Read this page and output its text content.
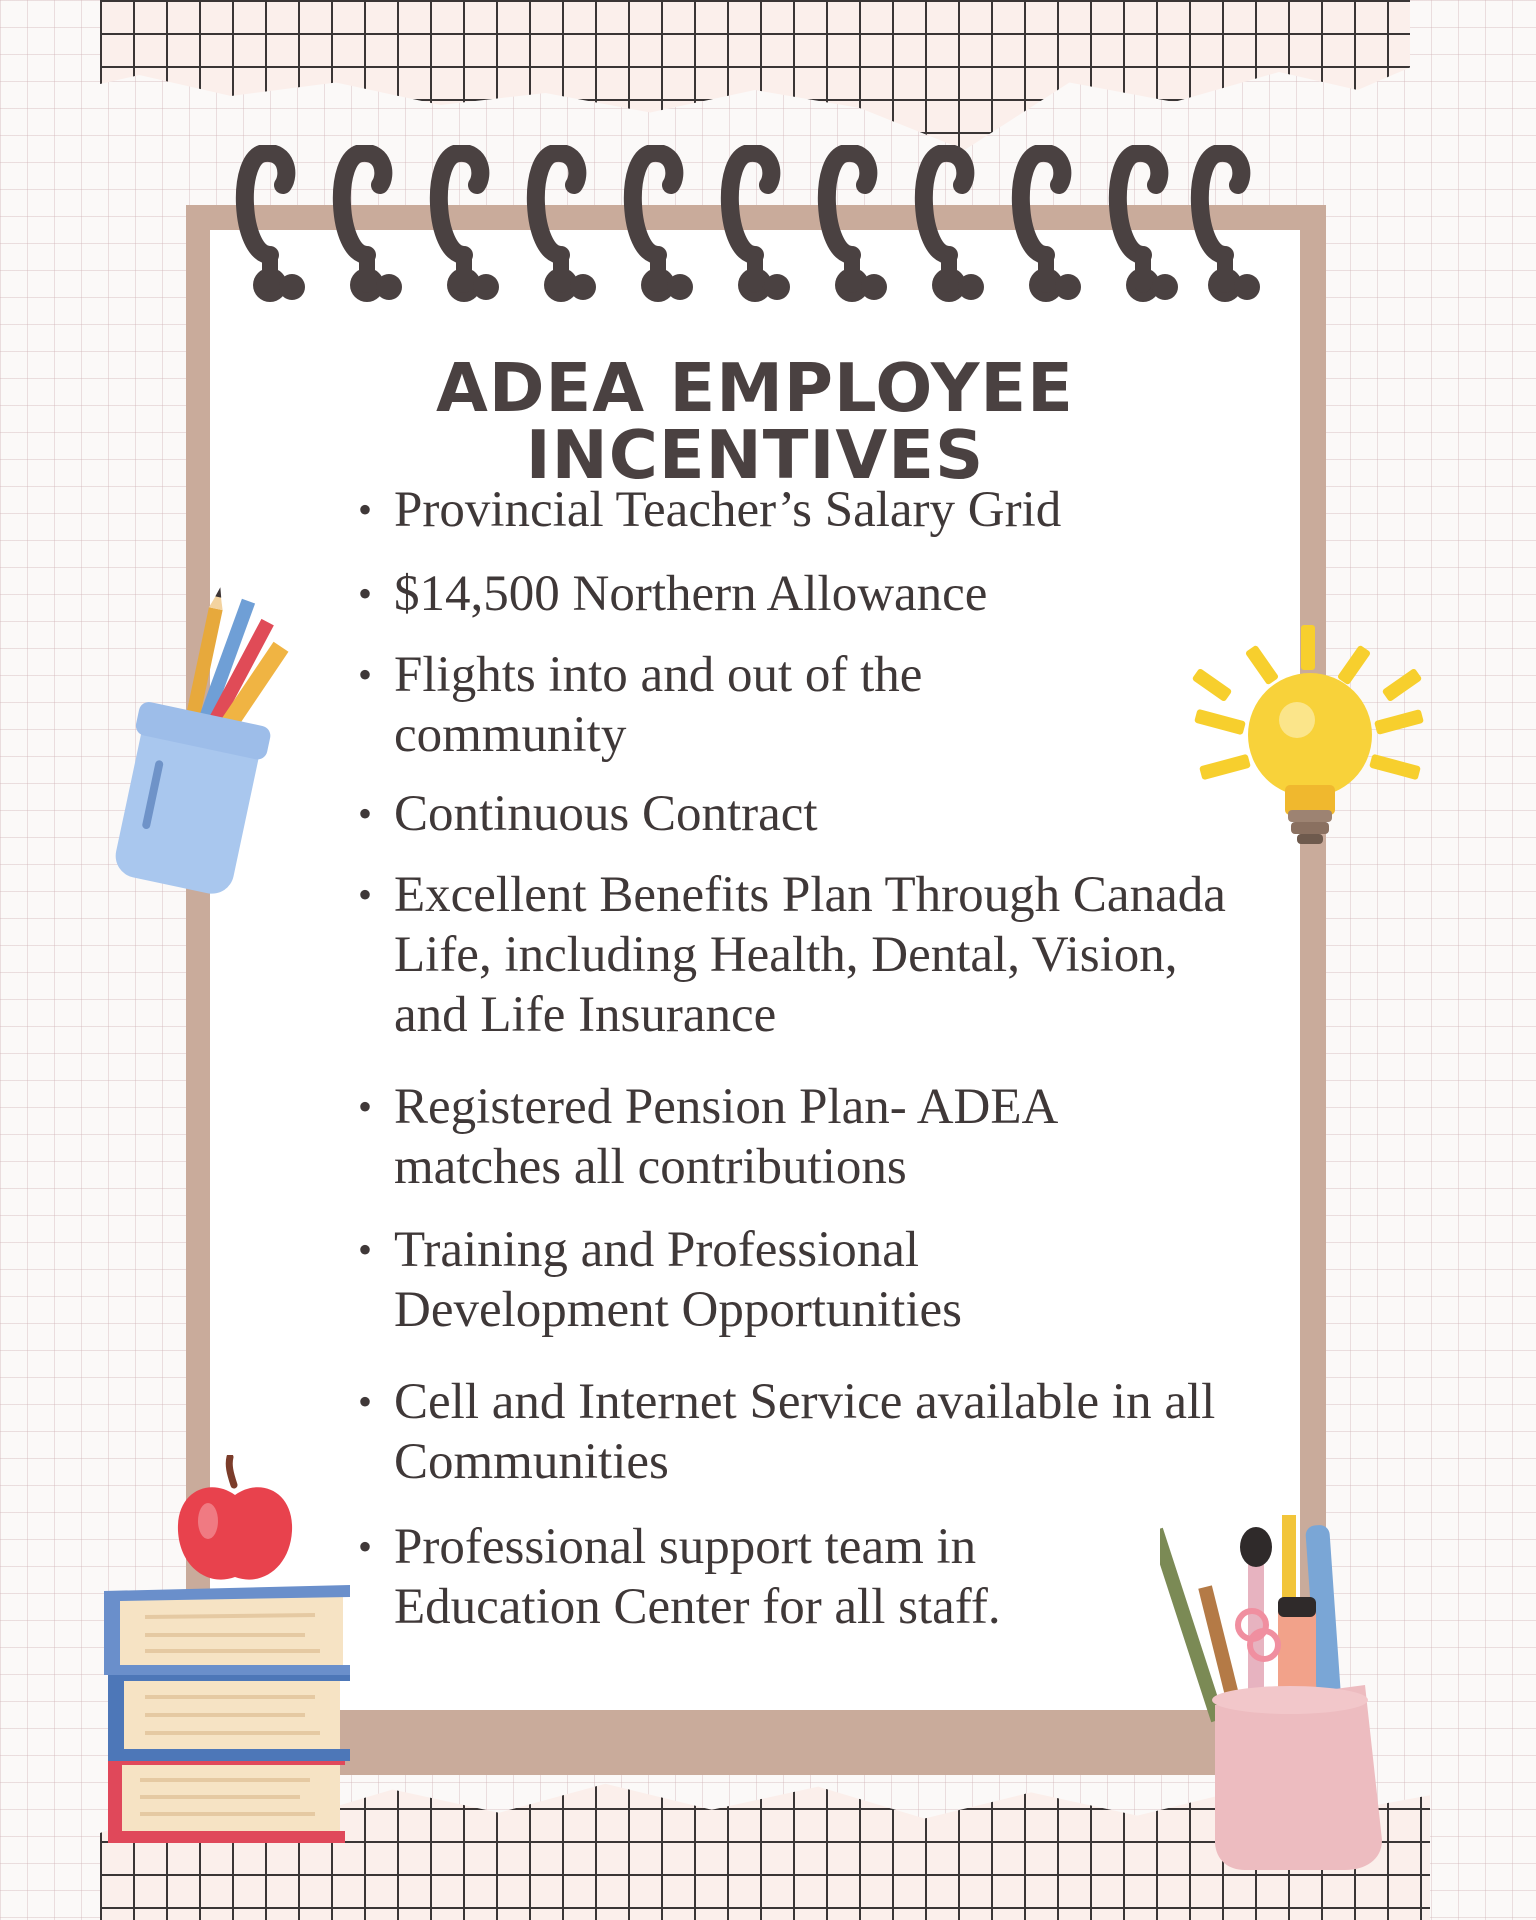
ADEA EMPLOYEE INCENTIVES
• Provincial Teacher’s Salary Grid
• $14,500 Northern Allowance
• Flights into and out of the community
• Continuous Contract
• Excellent Benefits Plan Through Canada Life, including Health, Dental, Vision, and Life Insurance
• Registered Pension Plan- ADEA matches all contributions
• Training and Professional Development Opportunities
• Cell and Internet Service available in all Communities
• Professional support team in Education Center for all staff.
